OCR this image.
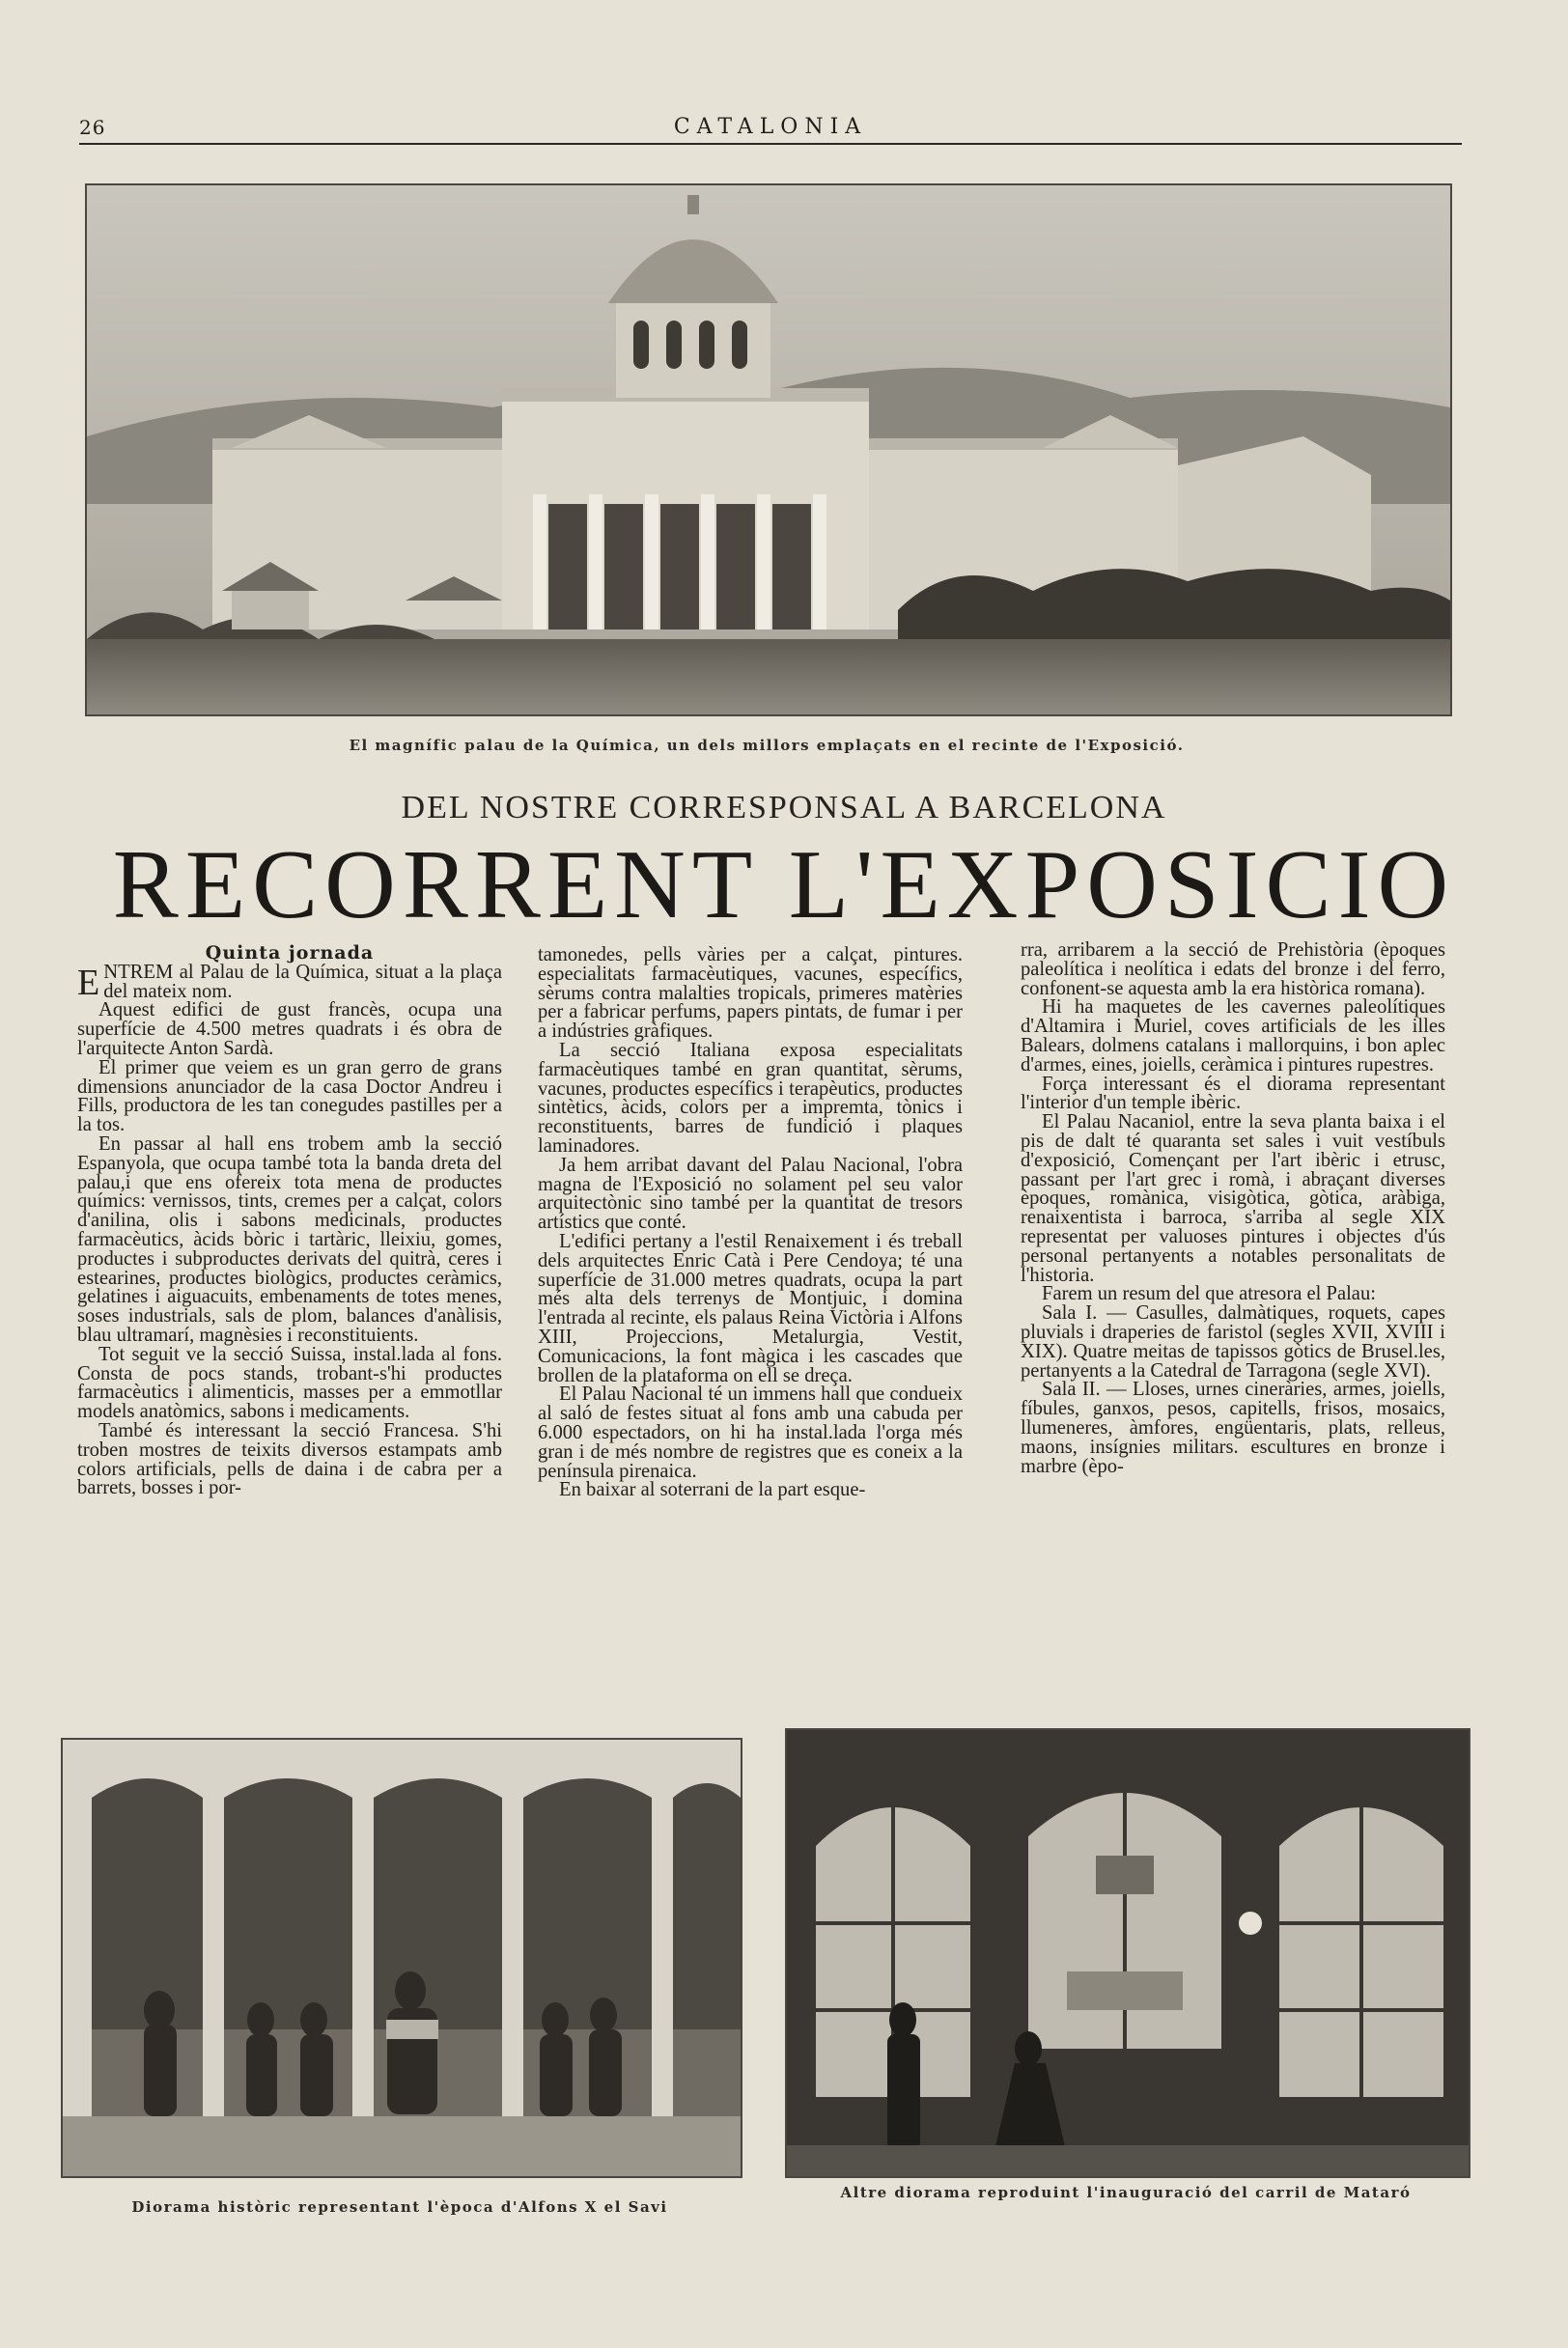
26	CATALONIA
El magnífic palau de la Química, un dels millors emplaçats en el recinte de l'Exposició.
DEL NOSTRE CORRESPONSAL A BARCELONA
RECORRENT L'EXPOSICIO

Quinta jornada

ENTREM al Palau de la Química, situat a la plaça del mateix nom.

Aquest edifici de gust francès, ocupa una superfície de 4.500 metres quadrats i és obra de l'arquitecte Anton Sardà.

El primer que veiem es un gran gerro de grans dimensions anunciador de la casa Doctor Andreu i Fills, productora de les tan conegudes pastilles per a la tos.

En passar al hall ens trobem amb la secció Espanyola, que ocupa també tota la banda dreta del palau,i que ens ofereix tota mena de productes químics: vernissos, tints, cremes per a calçat, colors d'anilina, olis i sabons medicinals, productes farmacèutics, àcids bòric i tartàric, lleixiu, gomes, productes i subproductes derivats del quitrà, ceres i estearines, productes biològics, productes ceràmics, gelatines i aiguacuits, embenaments de totes menes, soses industrials, sals de plom, balances d'anàlisis, blau ultramarí, magnèsies i reconstituients.

Tot seguit ve la secció Suissa, instal.lada al fons. Consta de pocs stands, trobant-s'hi productes farmacèutics i alimenticis, masses per a emmotllar models anatòmics, sabons i medicaments.

També és interessant la secció Francesa. S'hi troben mostres de teixits diversos estampats amb colors artificials, pells de daina i de cabra per a barrets, bosses i por-

tamonedes, pells vàries per a calçat, pintures. especialitats farmacèutiques, vacunes, específics, sèrums contra malalties tropicals, primeres matèries per a fabricar perfums, papers pintats, de fumar i per a indústries gràfiques.

La secció Italiana exposa especialitats farmacèutiques també en gran quantitat, sèrums, vacunes, productes específics i terapèutics, productes sintètics, àcids, colors per a impremta, tònics i reconstituents, barres de fundició i plaques laminadores.

Ja hem arribat davant del Palau Nacional, l'obra magna de l'Exposició no solament pel seu valor arquitectònic sino també per la quantitat de tresors artístics que conté.

L'edifici pertany a l'estil Renaixement i és treball dels arquitectes Enric Catà i Pere Cendoya; té una superfície de 31.000 metres quadrats, ocupa la part més alta dels terrenys de Montjuic, i domina l'entrada al recinte, els palaus Reina Victòria i Alfons XIII, Projeccions, Metalurgia, Vestit, Comunicacions, la font màgica i les cascades que brollen de la plataforma on ell se dreça.

El Palau Nacional té un immens hall que condueix al saló de festes situat al fons amb una cabuda per 6.000 espectadors, on hi ha instal.lada l'orga més gran i de més nombre de registres que es coneix a la península pirenaica.

En baixar al soterrani de la part esque-

rra, arribarem a la secció de Prehistòria (èpoques paleolítica i neolítica i edats del bronze i del ferro, confonent-se aquesta amb la era històrica romana).

Hi ha maquetes de les cavernes paleolítiques d'Altamira i Muriel, coves artificials de les illes Balears, dolmens catalans i mallorquins, i bon aplec d'armes, eines, joiells, ceràmica i pintures rupestres.

Força interessant és el diorama representant l'interior d'un temple ibèric.

El Palau Nacaniol, entre la seva planta baixa i el pis de dalt té quaranta set sales i vuit vestíbuls d'exposició, Començant per l'art ibèric i etrusc, passant per l'art grec i romà, i abraçant diverses èpoques, romànica, visigòtica, gòtica, aràbiga, renaixentista i barroca, s'arriba al segle XIX representat per valuoses pintures i objectes d'ús personal pertanyents a notables personalitats de l'historia.

Farem un resum del que atresora el Palau:

Sala I. — Casulles, dalmàtiques, roquets, capes pluvials i draperies de faristol (segles XVII, XVIII i XIX). Quatre meitas de tapissos gòtics de Brusel.les, pertanyents a la Catedral de Tarragona (segle XVI).

Sala II. — Lloses, urnes cineràries, armes, joiells, fíbules, ganxos, pesos, capitells, frisos, mosaics, llumeneres, àmfores, engüentaris, plats, relleus, maons, insígnies militars. escultures en bronze i marbre (èpo-

Diorama històric representant l'època d'Alfons X el Savi
Altre diorama reproduint l'inauguració del carril de Mataró
